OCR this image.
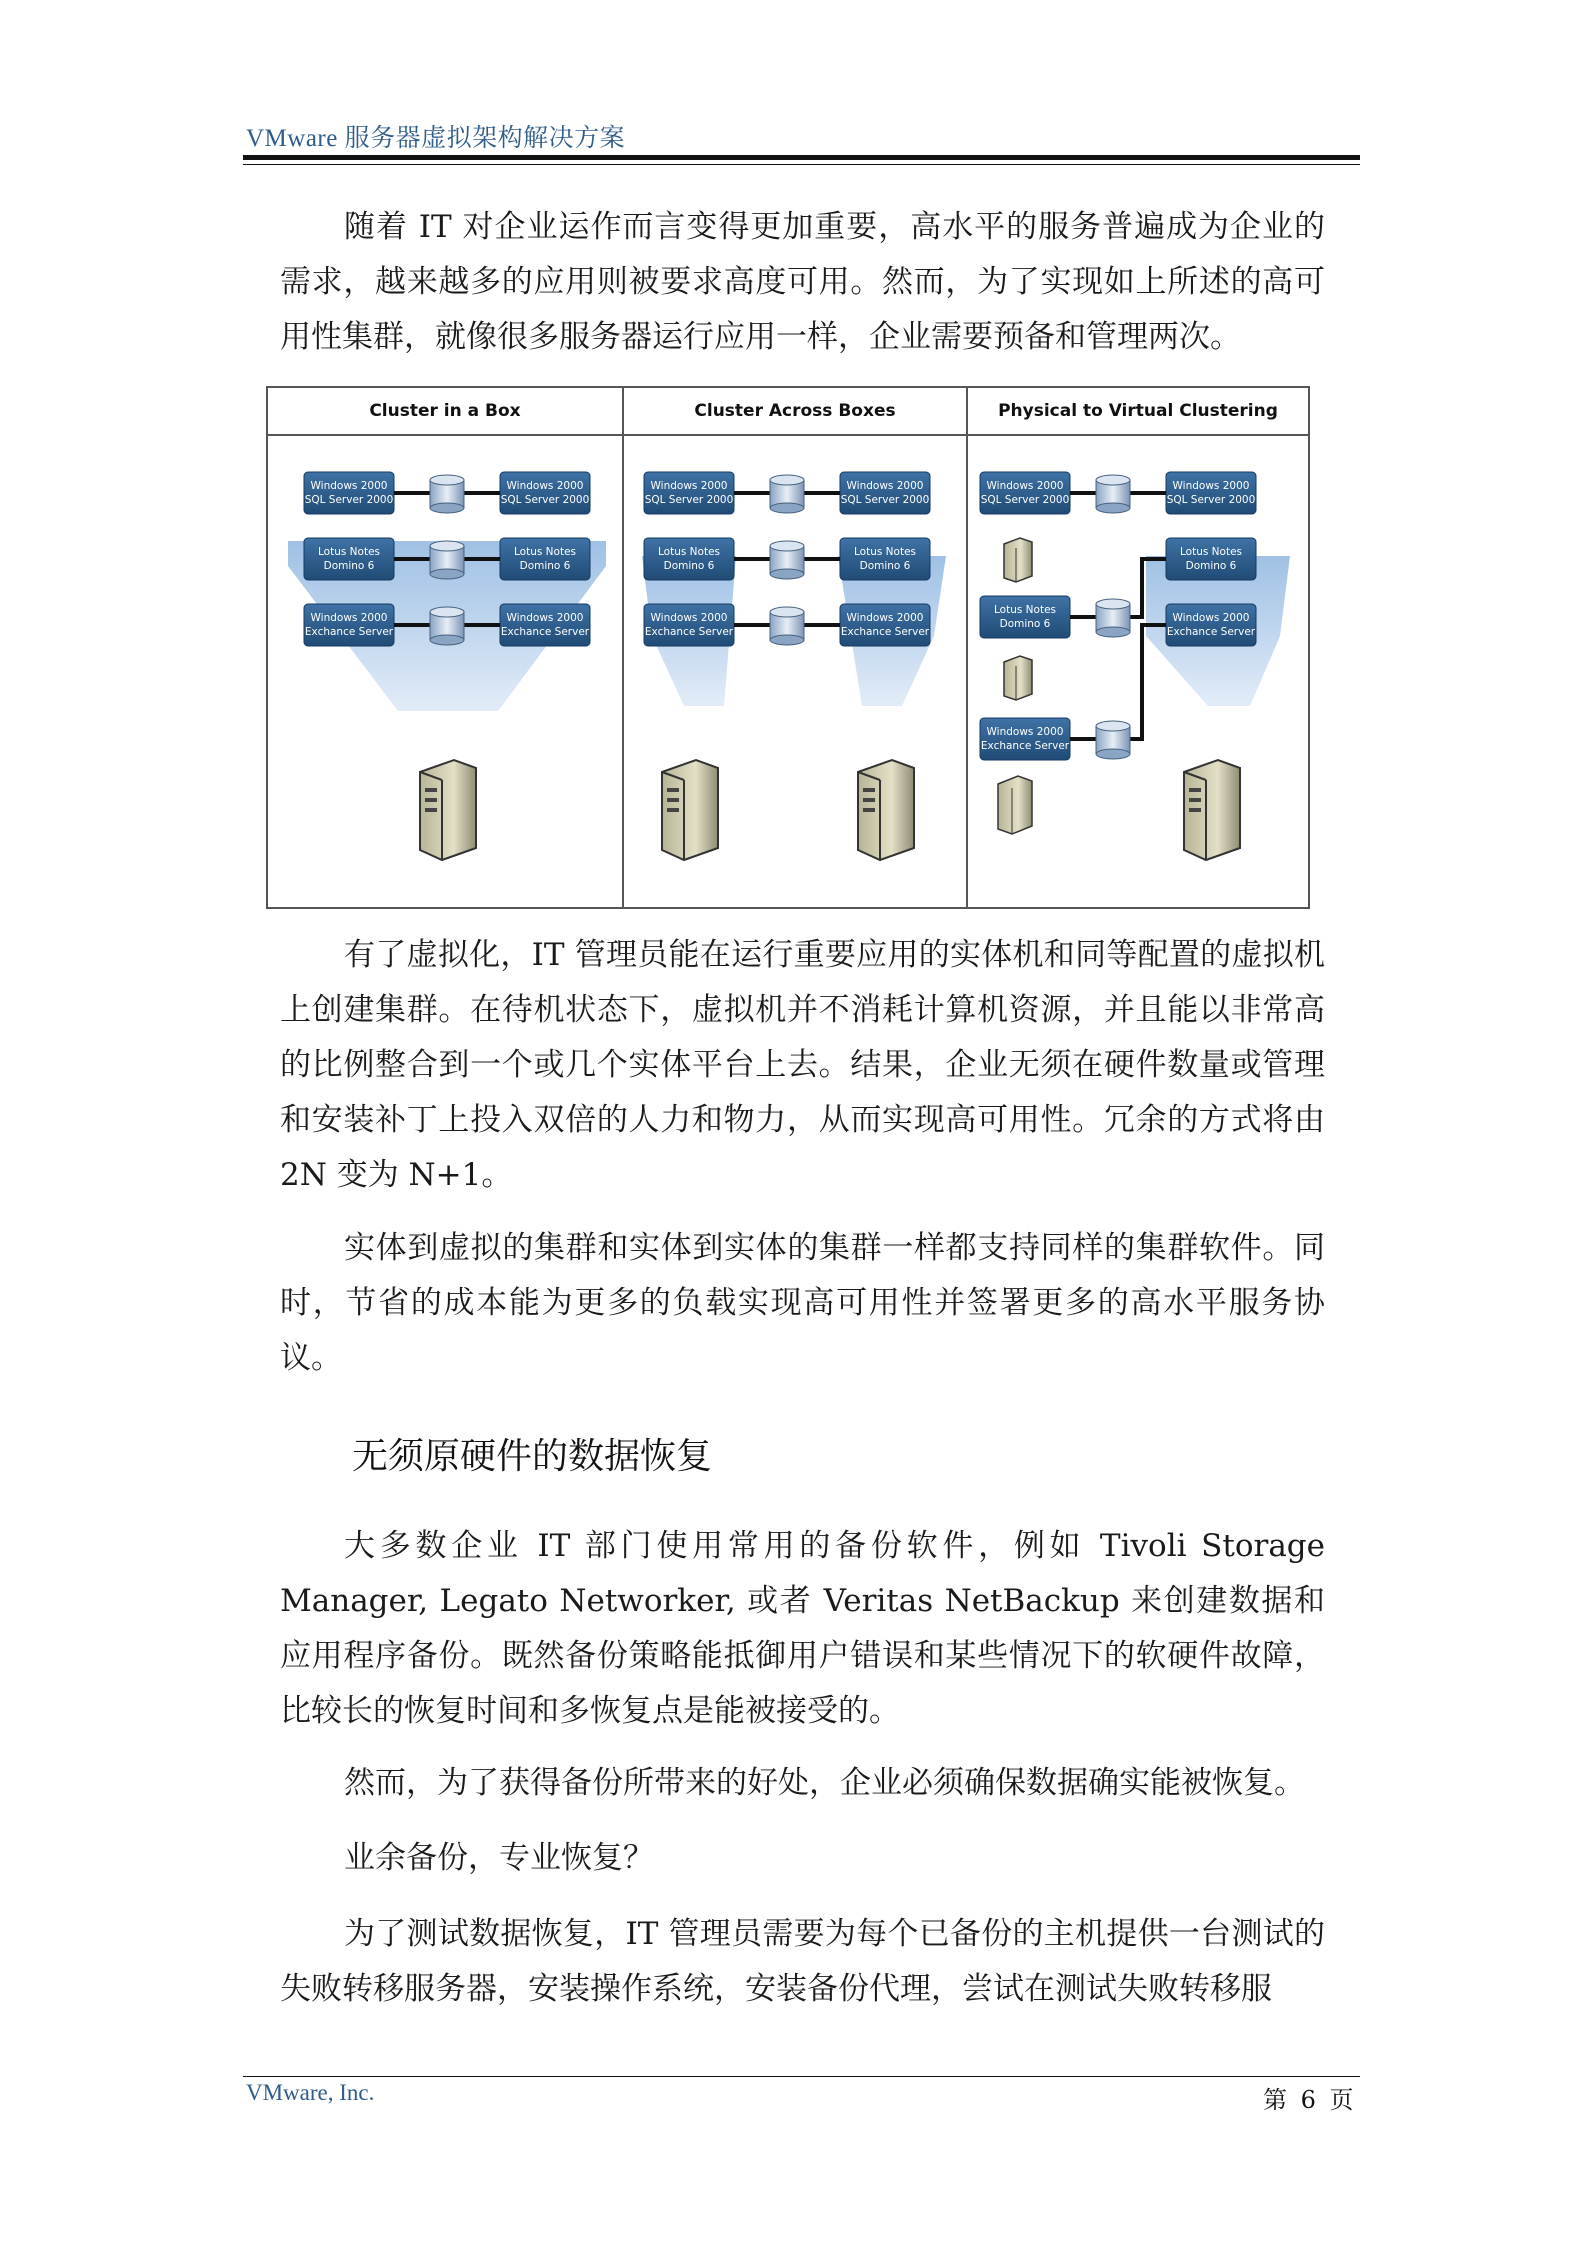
VMware 服务器虚拟架构解决方案

随着 IT 对企业运作而言变得更加重要，高水平的服务普遍成为企业的需求，越来越多的应用则被要求高度可用。然而，为了实现如上所述的高可用性集群，就像很多服务器运行应用一样，企业需要预备和管理两次。

Cluster in a Box	Cluster Across Boxes	Physical to Virtual Clustering
Windows 2000
SQL Server 2000
Windows 2000
SQL Server 2000
Lotus Notes
Domino 6
Lotus Notes
Domino 6
Windows 2000
Exchance Server
Windows 2000
Exchance Server
Windows 2000
SQL Server 2000
Windows 2000
SQL Server 2000
Lotus Notes
Domino 6
Lotus Notes
Domino 6
Windows 2000
Exchance Server
Windows 2000
Exchance Server
Windows 2000
SQL Server 2000
Lotus Notes
Domino 6
Windows 2000
Exchance Server
Windows 2000
SQL Server 2000
Lotus Notes
Domino 6
Windows 2000
Exchance Server

有了虚拟化，IT 管理员能在运行重要应用的实体机和同等配置的虚拟机上创建集群。在待机状态下，虚拟机并不消耗计算机资源，并且能以非常高的比例整合到一个或几个实体平台上去。结果，企业无须在硬件数量或管理和安装补丁上投入双倍的人力和物力，从而实现高可用性。冗余的方式将由 2N 变为 N+1。

实体到虚拟的集群和实体到实体的集群一样都支持同样的集群软件。同时，节省的成本能为更多的负载实现高可用性并签署更多的高水平服务协议。

无须原硬件的数据恢复

大多数企业 IT 部门使用常用的备份软件，例如 Tivoli Storage Manager, Legato Networker, 或者 Veritas NetBackup 来创建数据和应用程序备份。既然备份策略能抵御用户错误和某些情况下的软硬件故障，比较长的恢复时间和多恢复点是能被接受的。

然而，为了获得备份所带来的好处，企业必须确保数据确实能被恢复。

业余备份，专业恢复？

为了测试数据恢复，IT 管理员需要为每个已备份的主机提供一台测试的失败转移服务器，安装操作系统，安装备份代理，尝试在测试失败转移服

VMware, Inc.	第 6 页
